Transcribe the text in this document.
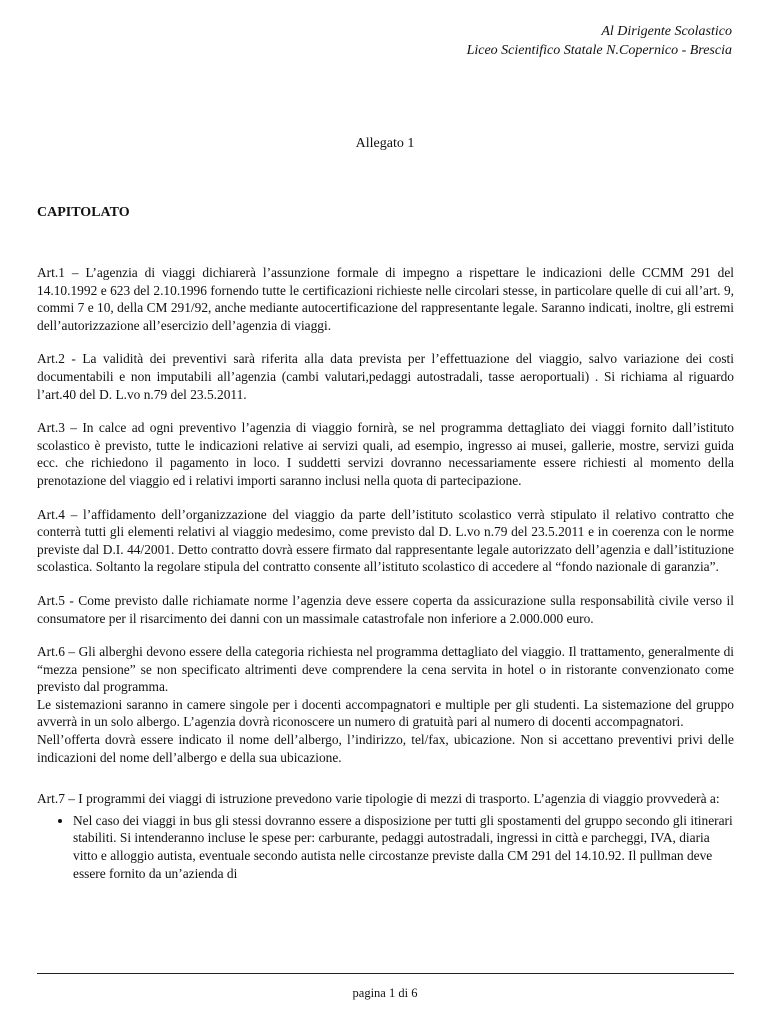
Al Dirigente Scolastico
Liceo Scientifico Statale N.Copernico - Brescia
Allegato 1
CAPITOLATO

Art.1 – L’agenzia di viaggi dichiarerà l’assunzione formale di impegno a rispettare le indicazioni delle CCMM 291 del 14.10.1992 e 623 del 2.10.1996 fornendo tutte le certificazioni richieste nelle circolari stesse, in particolare quelle di cui all’art. 9, commi 7 e 10, della CM 291/92, anche mediante autocertificazione del rappresentante legale. Saranno indicati, inoltre, gli estremi dell’autorizzazione all’esercizio dell’agenzia di viaggi.

Art.2 - La validità dei preventivi sarà riferita alla data prevista per l’effettuazione del viaggio, salvo variazione dei costi documentabili e non imputabili all’agenzia (cambi valutari,pedaggi autostradali, tasse aeroportuali) . Si richiama al riguardo l’art.40 del D. L.vo n.79 del 23.5.2011.

Art.3 – In calce ad ogni preventivo l’agenzia di viaggio fornirà, se nel programma dettagliato dei viaggi fornito dall’istituto scolastico è previsto, tutte le indicazioni relative ai servizi quali, ad esempio, ingresso ai musei, gallerie, mostre, servizi guida ecc. che richiedono il pagamento in loco. I suddetti servizi dovranno necessariamente essere richiesti al momento della prenotazione del viaggio ed i relativi importi saranno inclusi nella quota di partecipazione.

Art.4 – l’affidamento dell’organizzazione del viaggio da parte dell’istituto scolastico verrà stipulato il relativo contratto che conterrà tutti gli elementi relativi al viaggio medesimo, come previsto dal D. L.vo n.79 del 23.5.2011 e in coerenza con le norme previste dal D.I. 44/2001. Detto contratto dovrà essere firmato dal rappresentante legale autorizzato dell’agenzia e dall’istituzione scolastica. Soltanto la regolare stipula del contratto consente all’istituto scolastico di accedere al “fondo nazionale di garanzia”.

Art.5 - Come previsto dalle richiamate norme l’agenzia deve essere coperta da assicurazione sulla responsabilità civile verso il consumatore per il risarcimento dei danni con un massimale catastrofale non inferiore a 2.000.000 euro.

Art.6 – Gli alberghi devono essere della categoria richiesta nel programma dettagliato del viaggio. Il trattamento, generalmente di “mezza pensione” se non specificato altrimenti deve comprendere la cena servita in hotel o in ristorante convenzionato come previsto dal programma.

Le sistemazioni saranno in camere singole per i docenti accompagnatori e multiple per gli studenti. La sistemazione del gruppo avverrà in un solo albergo. L’agenzia dovrà riconoscere un numero di gratuità pari al numero di docenti accompagnatori.

Nell’offerta dovrà essere indicato il nome dell’albergo, l’indirizzo, tel/fax, ubicazione. Non si accettano preventivi privi delle indicazioni del nome dell’albergo e della sua ubicazione.

Art.7 – I programmi dei viaggi di istruzione prevedono varie tipologie di mezzi di trasporto. L’agenzia di viaggio provvederà a:

• Nel caso dei viaggi in bus gli stessi dovranno essere a disposizione per tutti gli spostamenti del gruppo secondo gli itinerari stabiliti. Si intenderanno incluse le spese per: carburante, pedaggi autostradali, ingressi in città e parcheggi, IVA, diaria vitto e alloggio autista, eventuale secondo autista nelle circostanze previste dalla CM 291 del 14.10.92. Il pullman deve essere fornito da un’azienda di
pagina 1 di 6
